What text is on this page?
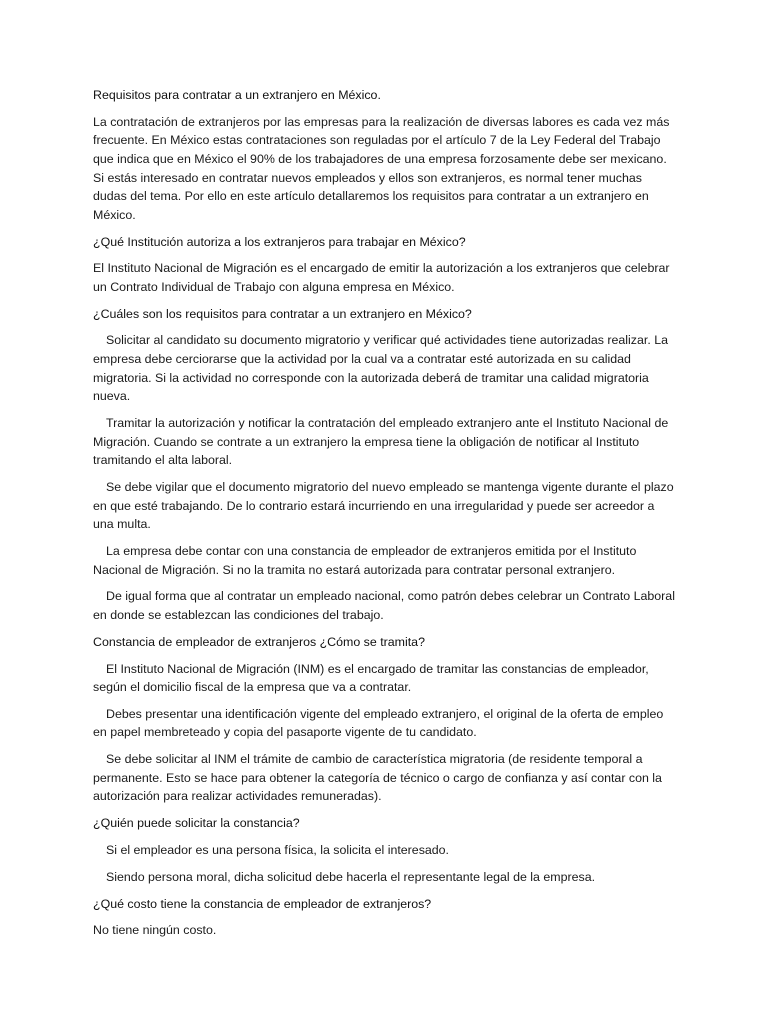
Requisitos para contratar a un extranjero en México.

La contratación de extranjeros por las empresas para la realización de diversas labores es cada vez más frecuente. En México estas contrataciones son reguladas por el artículo 7 de la Ley Federal del Trabajo que indica que en México el 90% de los trabajadores de una empresa forzosamente debe ser mexicano. Si estás interesado en contratar nuevos empleados y ellos son extranjeros, es normal tener muchas dudas del tema. Por ello en este artículo detallaremos los requisitos para contratar a un extranjero en México.

¿Qué Institución autoriza a los extranjeros para trabajar en México?

El Instituto Nacional de Migración es el encargado de emitir la autorización a los extranjeros que celebrar un Contrato Individual de Trabajo con alguna empresa en México.

¿Cuáles son los requisitos para contratar a un extranjero en México?

Solicitar al candidato su documento migratorio y verificar qué actividades tiene autorizadas realizar. La empresa debe cerciorarse que la actividad por la cual va a contratar esté autorizada en su calidad migratoria. Si la actividad no corresponde con la autorizada deberá de tramitar una calidad migratoria nueva.

Tramitar la autorización y notificar la contratación del empleado extranjero ante el Instituto Nacional de Migración. Cuando se contrate a un extranjero la empresa tiene la obligación de notificar al Instituto tramitando el alta laboral.

Se debe vigilar que el documento migratorio del nuevo empleado se mantenga vigente durante el plazo en que esté trabajando. De lo contrario estará incurriendo en una irregularidad y puede ser acreedor a una multa.

La empresa debe contar con una constancia de empleador de extranjeros emitida por el Instituto Nacional de Migración. Si no la tramita no estará autorizada para contratar personal extranjero.

De igual forma que al contratar un empleado nacional, como patrón debes celebrar un Contrato Laboral en donde se establezcan las condiciones del trabajo.

Constancia de empleador de extranjeros ¿Cómo se tramita?

El Instituto Nacional de Migración (INM) es el encargado de tramitar las constancias de empleador, según el domicilio fiscal de la empresa que va a contratar.

Debes presentar una identificación vigente del empleado extranjero, el original de la oferta de empleo en papel membreteado y copia del pasaporte vigente de tu candidato.

Se debe solicitar al INM el trámite de cambio de característica migratoria (de residente temporal a permanente. Esto se hace para obtener la categoría de técnico o cargo de confianza y así contar con la autorización para realizar actividades remuneradas).

¿Quién puede solicitar la constancia?

Si el empleador es una persona física, la solicita el interesado.

Siendo persona moral, dicha solicitud debe hacerla el representante legal de la empresa.

¿Qué costo tiene la constancia de empleador de extranjeros?

No tiene ningún costo.
